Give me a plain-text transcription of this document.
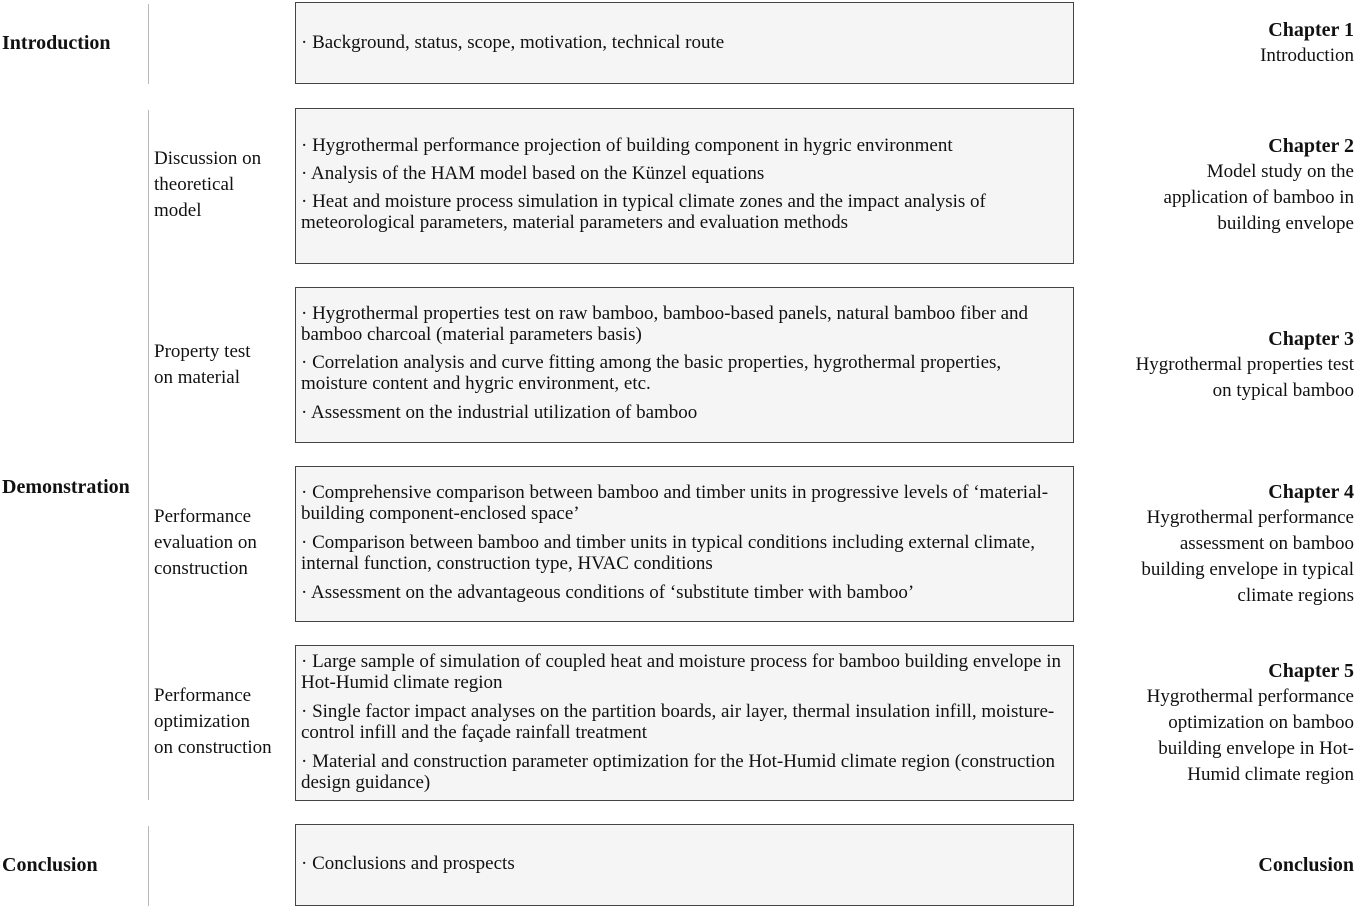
Introduction
Demonstration
Conclusion
Discussion on
theoretical
model
Property test
on material
Performance
evaluation on
construction
Performance
optimization
on construction
· Background, status, scope, motivation, technical route
· Hygrothermal performance projection of building component in hygric environment
· Analysis of the HAM model based on the Künzel equations
· Heat and moisture process simulation in typical climate zones and the impact analysis of meteorological parameters, material parameters and evaluation methods
· Hygrothermal properties test on raw bamboo, bamboo-based panels, natural bamboo fiber and bamboo charcoal (material parameters basis)
· Correlation analysis and curve fitting among the basic properties, hygrothermal properties, moisture content and hygric environment, etc.
· Assessment on the industrial utilization of bamboo
· Comprehensive comparison between bamboo and timber units in progressive levels of ‘material-building component-enclosed space’
· Comparison between bamboo and timber units in typical conditions including external climate, internal function, construction type, HVAC conditions
· Assessment on the advantageous conditions of ‘substitute timber with bamboo’
· Large sample of simulation of coupled heat and moisture process for bamboo building envelope in Hot-Humid climate region
· Single factor impact analyses on the partition boards, air layer, thermal insulation infill, moisture-control infill and the façade rainfall treatment
· Material and construction parameter optimization for the Hot-Humid climate region (construction design guidance)
· Conclusions and prospects
Chapter 1
Introduction
Chapter 2
Model study on the
application of bamboo in
building envelope
Chapter 3
Hygrothermal properties test
on typical bamboo
Chapter 4
Hygrothermal performance
assessment on bamboo
building envelope in typical
climate regions
Chapter 5
Hygrothermal performance
optimization on bamboo
building envelope in Hot-
Humid climate region
Conclusion
